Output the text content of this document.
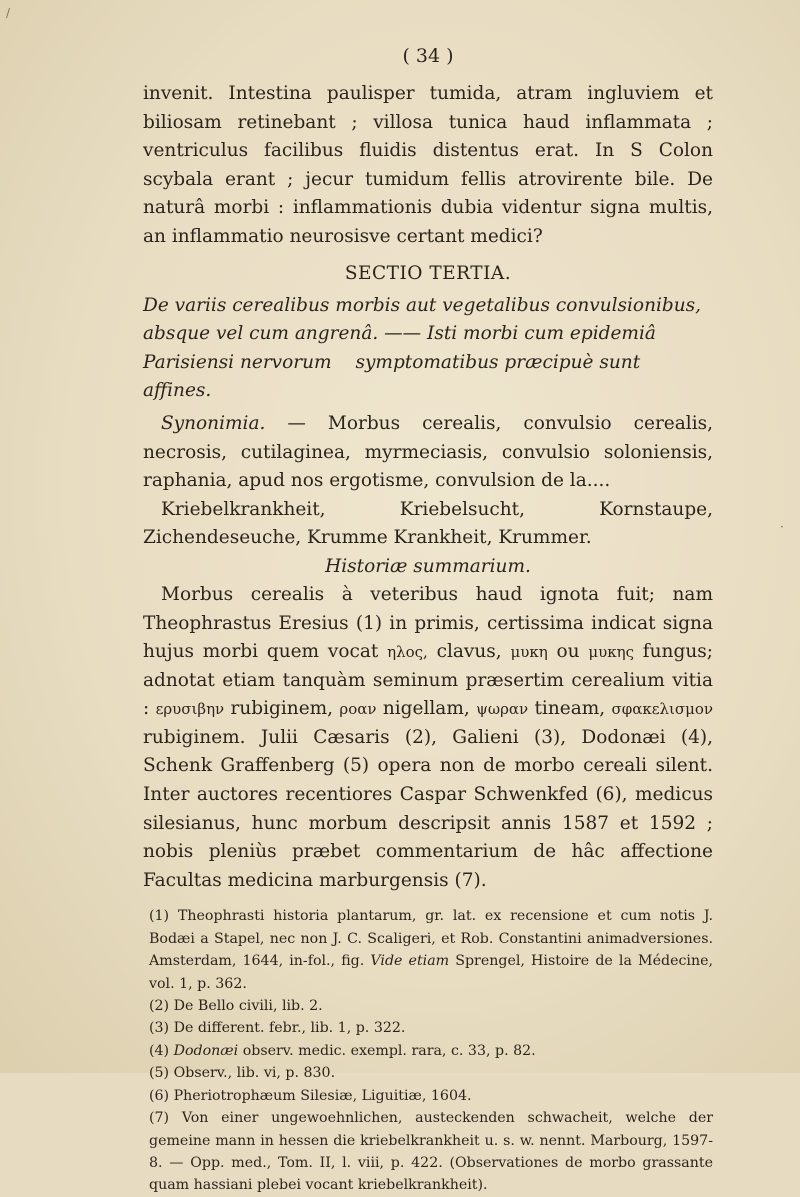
/
·
( 34 )

invenit. Intestina paulisper tumida, atram ingluviem et biliosam retinebant ; villosa tunica haud inflammata ; ventriculus facilibus fluidis distentus erat. In S Colon scybala erant ; jecur tumidum fellis atrovirente bile. De naturâ morbi : inflammationis dubia videntur signa multis, an inflammatio neurosisve certant medici?

SECTIO TERTIA.

De variis cerealibus morbis aut vegetalibus convulsionibus, absque vel cum angrenâ. —— Isti morbi cum epidemiâ Parisiensi nervorum symptomatibus præcipuè sunt affines.

Synonimia. — Morbus cerealis, convulsio cerealis, necrosis, cutilaginea, myrmeciasis, convulsio soloniensis, raphania, apud nos ergotisme, convulsion de la....

Kriebelkrankheit, Kriebelsucht, Kornstaupe, Zichendeseuche, Krumme Krankheit, Krummer.

Historiæ summarium.

Morbus cerealis à veteribus haud ignota fuit; nam Theophrastus Eresius (1) in primis, certissima indicat signa hujus morbi quem vocat ηλος, clavus, μυκη ou μυκης fungus; adnotat etiam tanquàm seminum præsertim cerealium vitia : ερυσιβην rubiginem, ροαν nigellam, ψωραν tineam, σφακελισμον rubiginem. Julii Cæsaris (2), Galieni (3), Dodonæi (4), Schenk Graffenberg (5) opera non de morbo cereali silent. Inter auctores recentiores Caspar Schwenkfed (6), medicus silesianus, hunc morbum descripsit annis 1587 et 1592 ; nobis pleniùs præbet commentarium de hâc affectione Facultas medicina marburgensis (7).

(1) Theophrasti historia plantarum, gr. lat. ex recensione et cum notis J. Bodæi a Stapel, nec non J. C. Scaligeri, et Rob. Constantini animadversiones. Amsterdam, 1644, in-fol., fig. Vide etiam Sprengel, Histoire de la Médecine, vol. 1, p. 362.

(2) De Bello civili, lib. 2.

(3) De different. febr., lib. 1, p. 322.

(4) Dodonæi observ. medic. exempl. rara, c. 33, p. 82.

(5) Observ., lib. vi, p. 830.

(6) Pheriotrophæum Silesiæ, Liguitiæ, 1604.

(7) Von einer ungewoehnlichen, austeckenden schwacheit, welche der gemeine mann in hessen die kriebelkrankheit u. s. w. nennt. Marbourg, 1597-8. — Opp. med., Tom. II, l. viii, p. 422. (Observationes de morbo grassante quam hassiani plebei vocant kriebelkrankheit).
